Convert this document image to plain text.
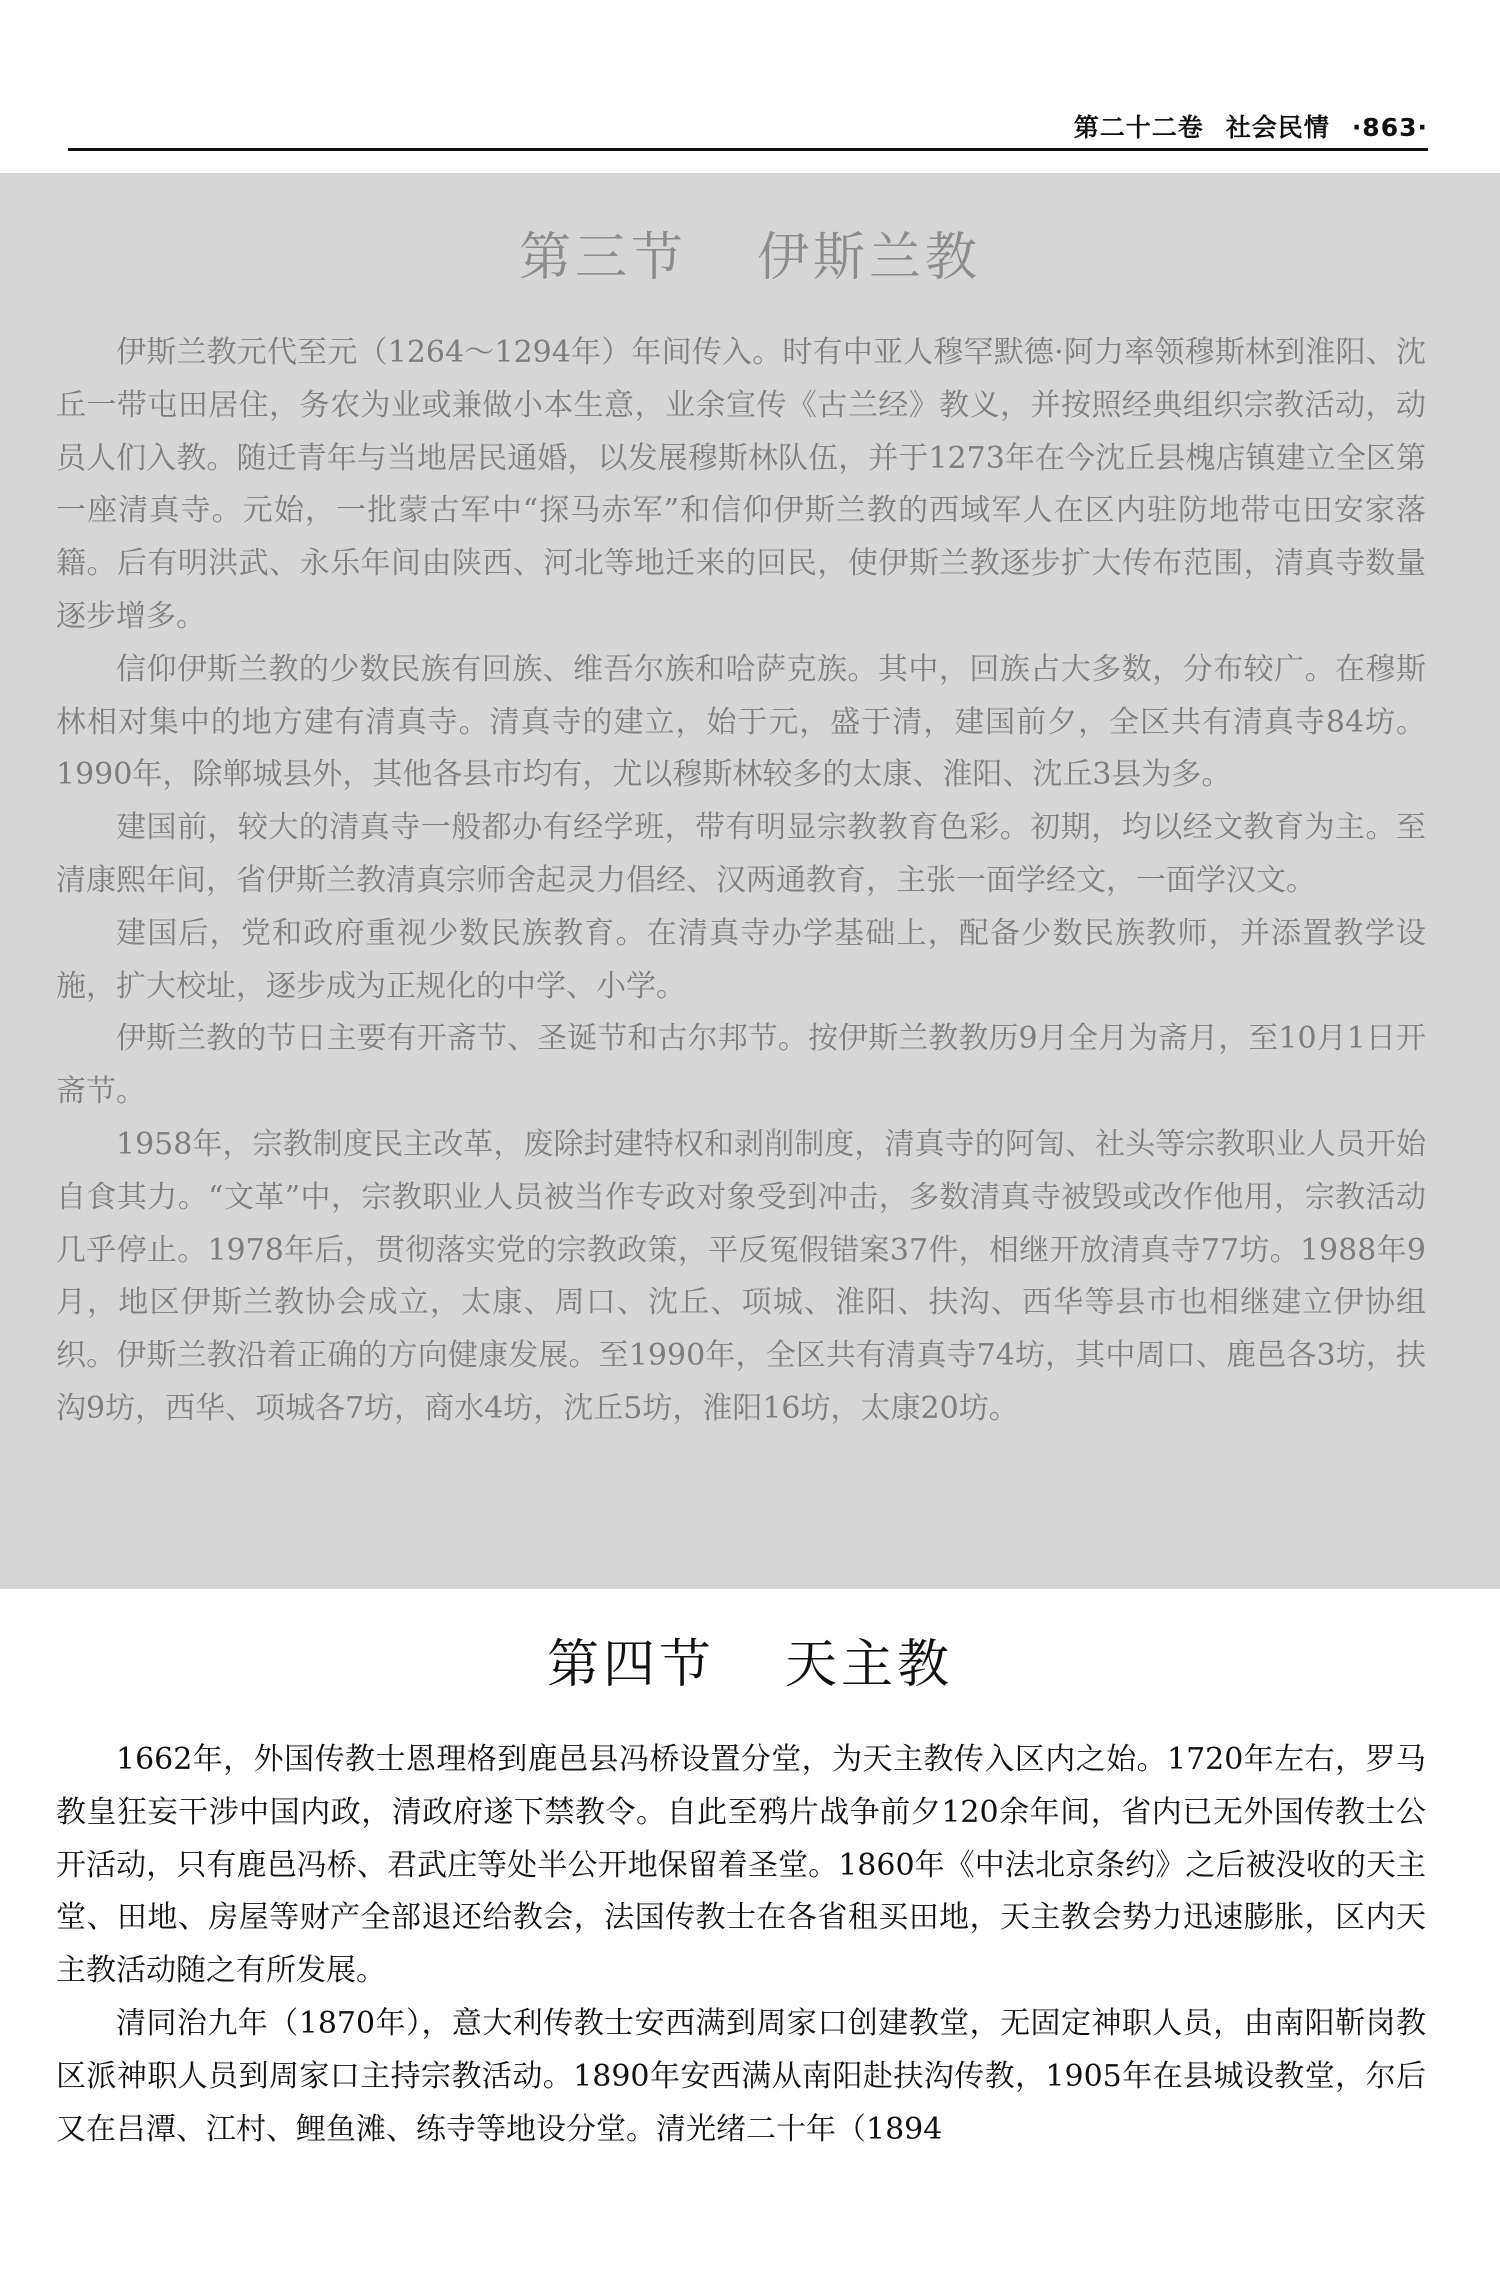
第二十二卷 社会民情 ·863·
第三节 伊斯兰教

伊斯兰教元代至元（1264～1294年）年间传入。时有中亚人穆罕默德·阿力率领穆斯林到淮阳、沈丘一带屯田居住，务农为业或兼做小本生意，业余宣传《古兰经》教义，并按照经典组织宗教活动，动员人们入教。随迁青年与当地居民通婚，以发展穆斯林队伍，并于1273年在今沈丘县槐店镇建立全区第一座清真寺。元始，一批蒙古军中“探马赤军”和信仰伊斯兰教的西域军人在区内驻防地带屯田安家落籍。后有明洪武、永乐年间由陕西、河北等地迁来的回民，使伊斯兰教逐步扩大传布范围，清真寺数量逐步增多。

信仰伊斯兰教的少数民族有回族、维吾尔族和哈萨克族。其中，回族占大多数，分布较广。在穆斯林相对集中的地方建有清真寺。清真寺的建立，始于元，盛于清，建国前夕，全区共有清真寺84坊。1990年，除郸城县外，其他各县市均有，尤以穆斯林较多的太康、淮阳、沈丘3县为多。

建国前，较大的清真寺一般都办有经学班，带有明显宗教教育色彩。初期，均以经文教育为主。至清康熙年间，省伊斯兰教清真宗师舍起灵力倡经、汉两通教育，主张一面学经文，一面学汉文。

建国后，党和政府重视少数民族教育。在清真寺办学基础上，配备少数民族教师，并添置教学设施，扩大校址，逐步成为正规化的中学、小学。

伊斯兰教的节日主要有开斋节、圣诞节和古尔邦节。按伊斯兰教教历9月全月为斋月，至10月1日开斋节。

1958年，宗教制度民主改革，废除封建特权和剥削制度，清真寺的阿訇、社头等宗教职业人员开始自食其力。“文革”中，宗教职业人员被当作专政对象受到冲击，多数清真寺被毁或改作他用，宗教活动几乎停止。1978年后，贯彻落实党的宗教政策，平反冤假错案37件，相继开放清真寺77坊。1988年9月，地区伊斯兰教协会成立，太康、周口、沈丘、项城、淮阳、扶沟、西华等县市也相继建立伊协组织。伊斯兰教沿着正确的方向健康发展。至1990年，全区共有清真寺74坊，其中周口、鹿邑各3坊，扶沟9坊，西华、项城各7坊，商水4坊，沈丘5坊，淮阳16坊，太康20坊。

第四节 天主教

1662年，外国传教士恩理格到鹿邑县冯桥设置分堂，为天主教传入区内之始。1720年左右，罗马教皇狂妄干涉中国内政，清政府遂下禁教令。自此至鸦片战争前夕120余年间，省内已无外国传教士公开活动，只有鹿邑冯桥、君武庄等处半公开地保留着圣堂。1860年《中法北京条约》之后被没收的天主堂、田地、房屋等财产全部退还给教会，法国传教士在各省租买田地，天主教会势力迅速膨胀，区内天主教活动随之有所发展。

清同治九年（1870年），意大利传教士安西满到周家口创建教堂，无固定神职人员，由南阳靳岗教区派神职人员到周家口主持宗教活动。1890年安西满从南阳赴扶沟传教，1905年在县城设教堂，尔后又在吕潭、江村、鲤鱼滩、练寺等地设分堂。清光绪二十年（1894
